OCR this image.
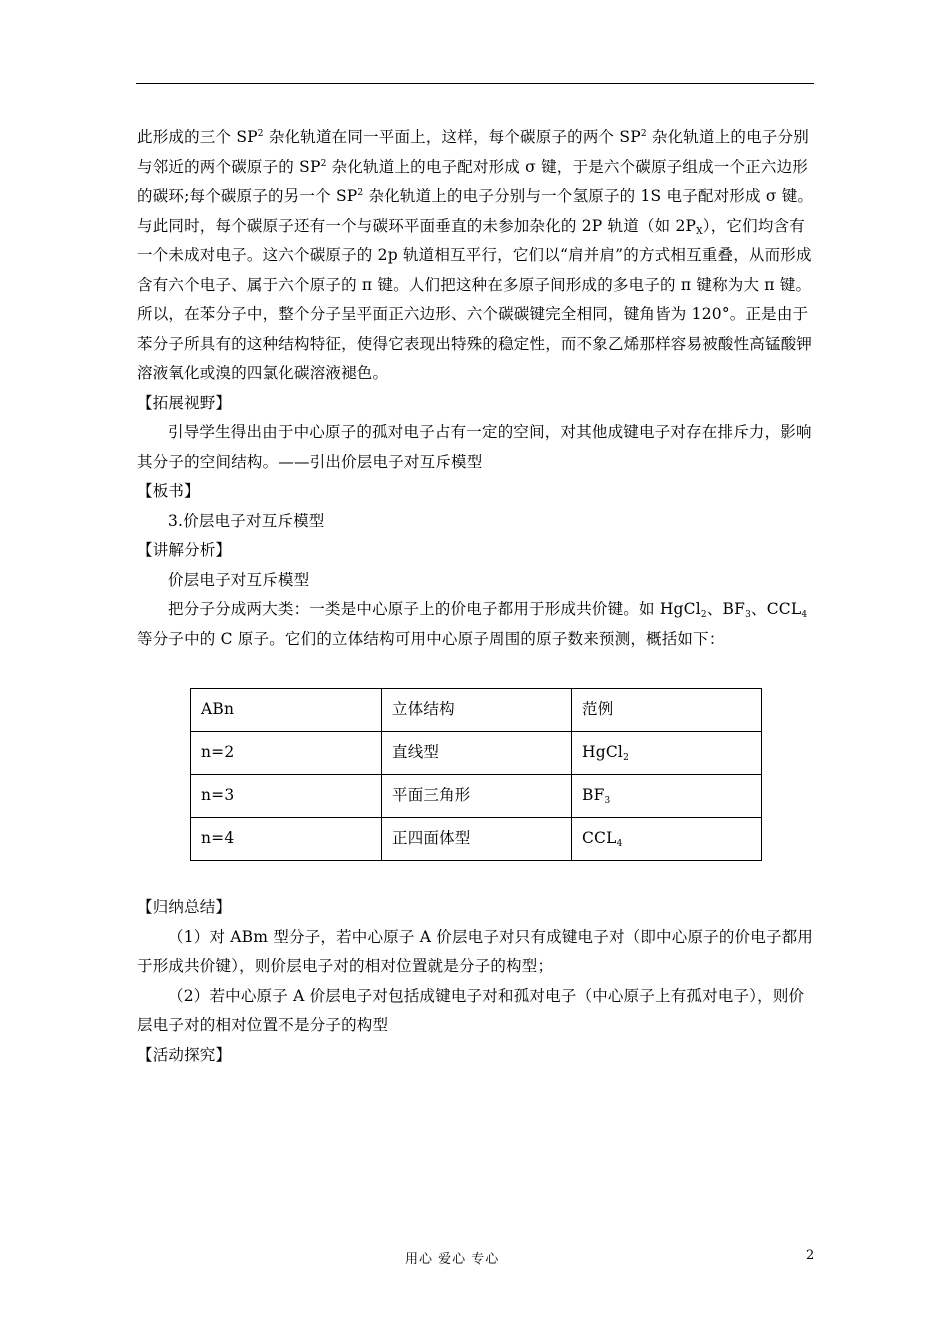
此形成的三个 $SP^2$ 杂化轨道在同一平面上，这样，每个碳原子的两个 $SP^2$ 杂化轨道上的电子分别与邻近的两个碳原子的 $SP^2$ 杂化轨道上的电子配对形成 σ 键，于是六个碳原子组成一个正六边形的碳环;每个碳原子的另一个 $SP^2$ 杂化轨道上的电子分别与一个氢原子的 1S 电子配对形成 σ 键。与此同时，每个碳原子还有一个与碳环平面垂直的未参加杂化的 2P 轨道（如 $2P_X$），它们均含有一个未成对电子。这六个碳原子的 2p 轨道相互平行，它们以“肩并肩”的方式相互重叠，从而形成含有六个电子、属于六个原子的 π 键。人们把这种在多原子间形成的多电子的 π 键称为大 π 键。所以，在苯分子中，整个分子呈平面正六边形、六个碳碳键完全相同，键角皆为 120°。正是由于苯分子所具有的这种结构特征，使得它表现出特殊的稳定性，而不象乙烯那样容易被酸性高锰酸钾溶液氧化或溴的四氯化碳溶液褪色。

【拓展视野】

引导学生得出由于中心原子的孤对电子占有一定的空间，对其他成键电子对存在排斥力，影响其分子的空间结构。——引出价层电子对互斥模型

【板书】

3.价层电子对互斥模型

【讲解分析】

价层电子对互斥模型

把分子分成两大类：一类是中心原子上的价电子都用于形成共价键。如 HgCl$_2$、$BF_3$、$CCL_4$ 等分子中的 C 原子。它们的立体结构可用中心原子周围的原子数来预测，概括如下：

ABn	立体结构	范例
n=2	直线型	HgCl$_2$
n=3	平面三角形	$BF_3$
n=4	正四面体型	$CCL_4$

【归纳总结】

（1）对 ABm 型分子，若中心原子 A 价层电子对只有成键电子对（即中心原子的价电子都用于形成共价键），则价层电子对的相对位置就是分子的构型；

（2）若中心原子 A 价层电子对包括成键电子对和孤对电子（中心原子上有孤对电子），则价层电子对的相对位置不是分子的构型

【活动探究】

用心 爱心 专心	2
